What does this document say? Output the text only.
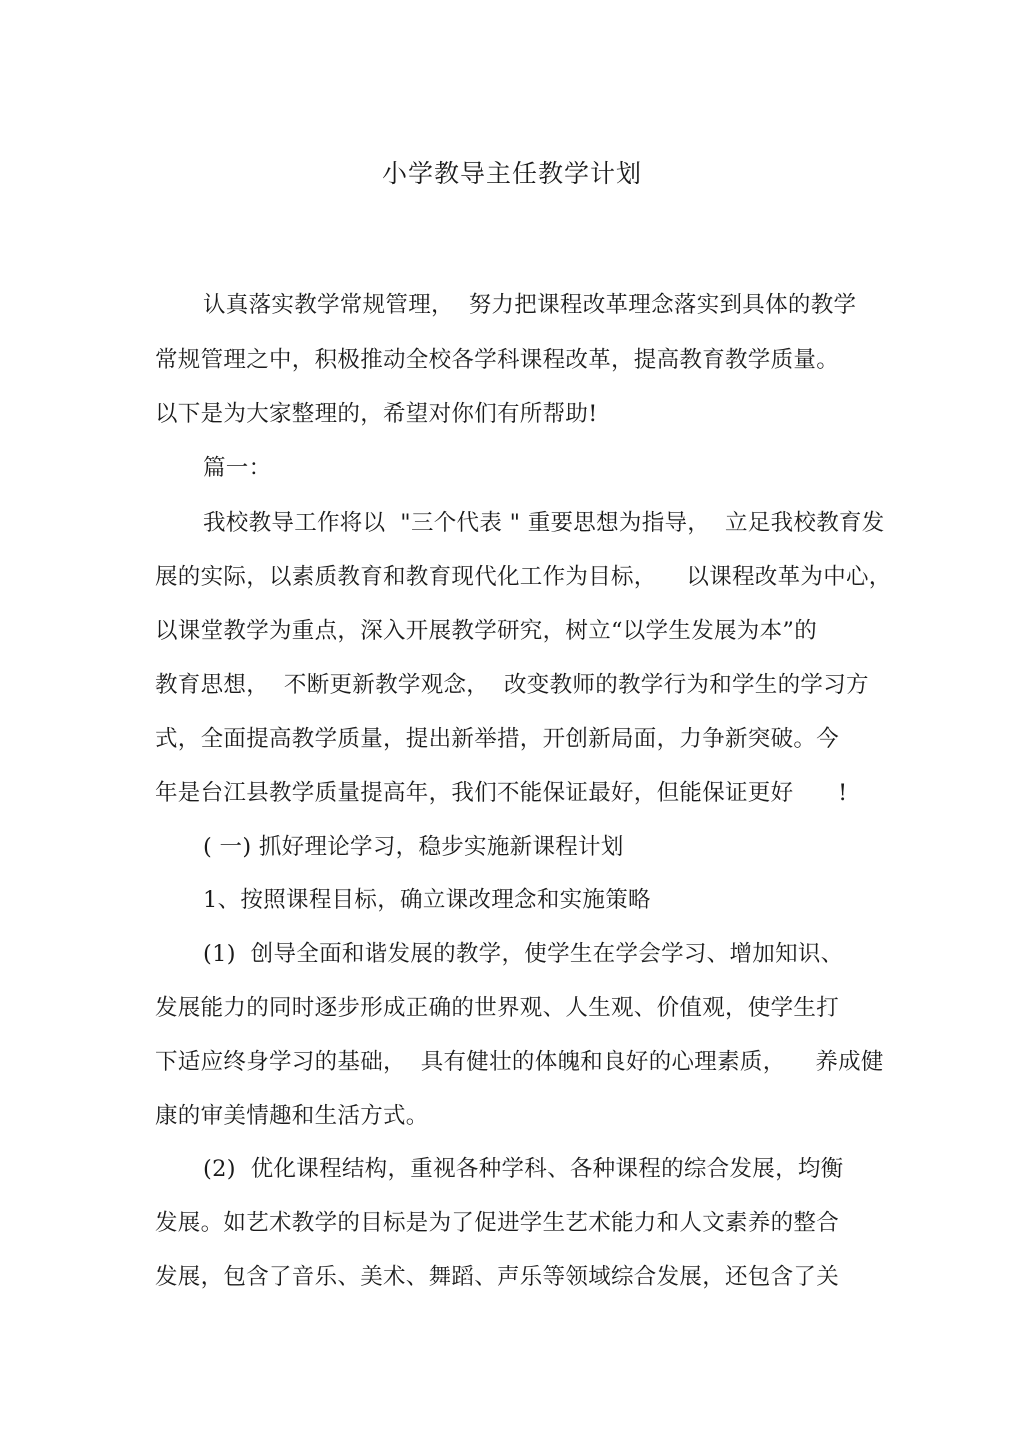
小学教导主任教学计划
认真落实教学常规管理，  努力把课程改革理念落实到具体的教学
常规管理之中，积极推动全校各学科课程改革，提高教育教学质量。
以下是为大家整理的，希望对你们有所帮助!
篇一：
我校教导工作将以  "三个代表 " 重要思想为指导，  立足我校教育发
展的实际，以素质教育和教育现代化工作为目标，    以课程改革为中心，
以课堂教学为重点，深入开展教学研究，树立“以学生发展为本”的
教育思想，  不断更新教学观念，  改变教师的教学行为和学生的学习方
式，全面提高教学质量，提出新举措，开创新局面，力争新突破。今
年是台江县教学质量提高年，我们不能保证最好，但能保证更好      !
( 一) 抓好理论学习，稳步实施新课程计划
1、按照课程目标，确立课改理念和实施策略
(1)  创导全面和谐发展的教学，使学生在学会学习、增加知识、
发展能力的同时逐步形成正确的世界观、人生观、价值观，使学生打
下适应终身学习的基础，  具有健壮的体魄和良好的心理素质，    养成健
康的审美情趣和生活方式。
(2)  优化课程结构，重视各种学科、各种课程的综合发展，均衡
发展。如艺术教学的目标是为了促进学生艺术能力和人文素养的整合
发展，包含了音乐、美术、舞蹈、声乐等领域综合发展，还包含了关
